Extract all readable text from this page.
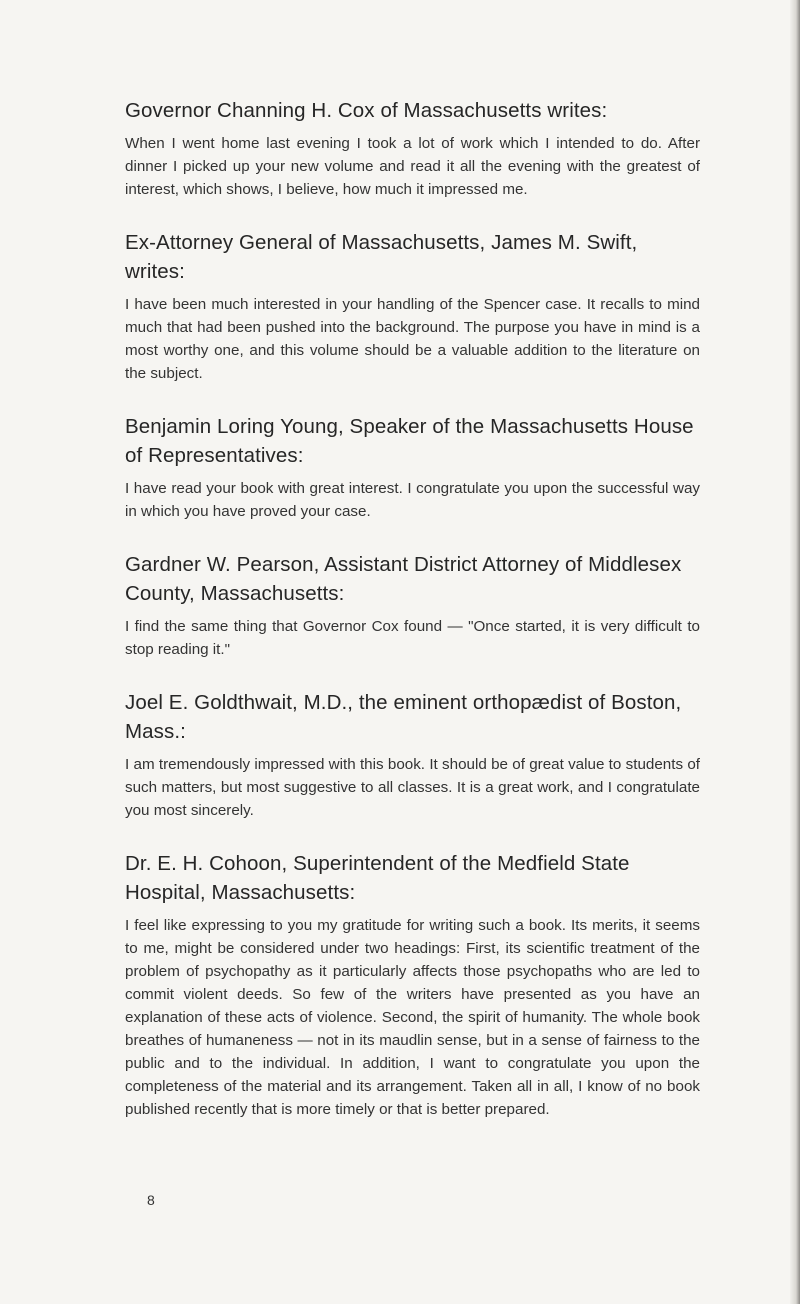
Governor Channing H. Cox of Massachusetts writes:

When I went home last evening I took a lot of work which I intended to do. After dinner I picked up your new volume and read it all the evening with the greatest of interest, which shows, I believe, how much it impressed me.

Ex-Attorney General of Massachusetts, James M. Swift, writes:

I have been much interested in your handling of the Spencer case. It recalls to mind much that had been pushed into the background. The purpose you have in mind is a most worthy one, and this volume should be a valuable addition to the literature on the subject.

Benjamin Loring Young, Speaker of the Massachusetts House of Representatives:

I have read your book with great interest. I congratulate you upon the successful way in which you have proved your case.

Gardner W. Pearson, Assistant District Attorney of Middlesex County, Massachusetts:

I find the same thing that Governor Cox found — "Once started, it is very difficult to stop reading it."

Joel E. Goldthwait, M.D., the eminent orthopædist of Boston, Mass.:

I am tremendously impressed with this book. It should be of great value to students of such matters, but most suggestive to all classes. It is a great work, and I congratulate you most sincerely.

Dr. E. H. Cohoon, Superintendent of the Medfield State Hospital, Massachusetts:

I feel like expressing to you my gratitude for writing such a book. Its merits, it seems to me, might be considered under two headings: First, its scientific treatment of the problem of psychopathy as it particularly affects those psychopaths who are led to commit violent deeds. So few of the writers have presented as you have an explanation of these acts of violence. Second, the spirit of humanity. The whole book breathes of humaneness — not in its maudlin sense, but in a sense of fairness to the public and to the individual. In addition, I want to congratulate you upon the completeness of the material and its arrangement. Taken all in all, I know of no book published recently that is more timely or that is better prepared.

8
